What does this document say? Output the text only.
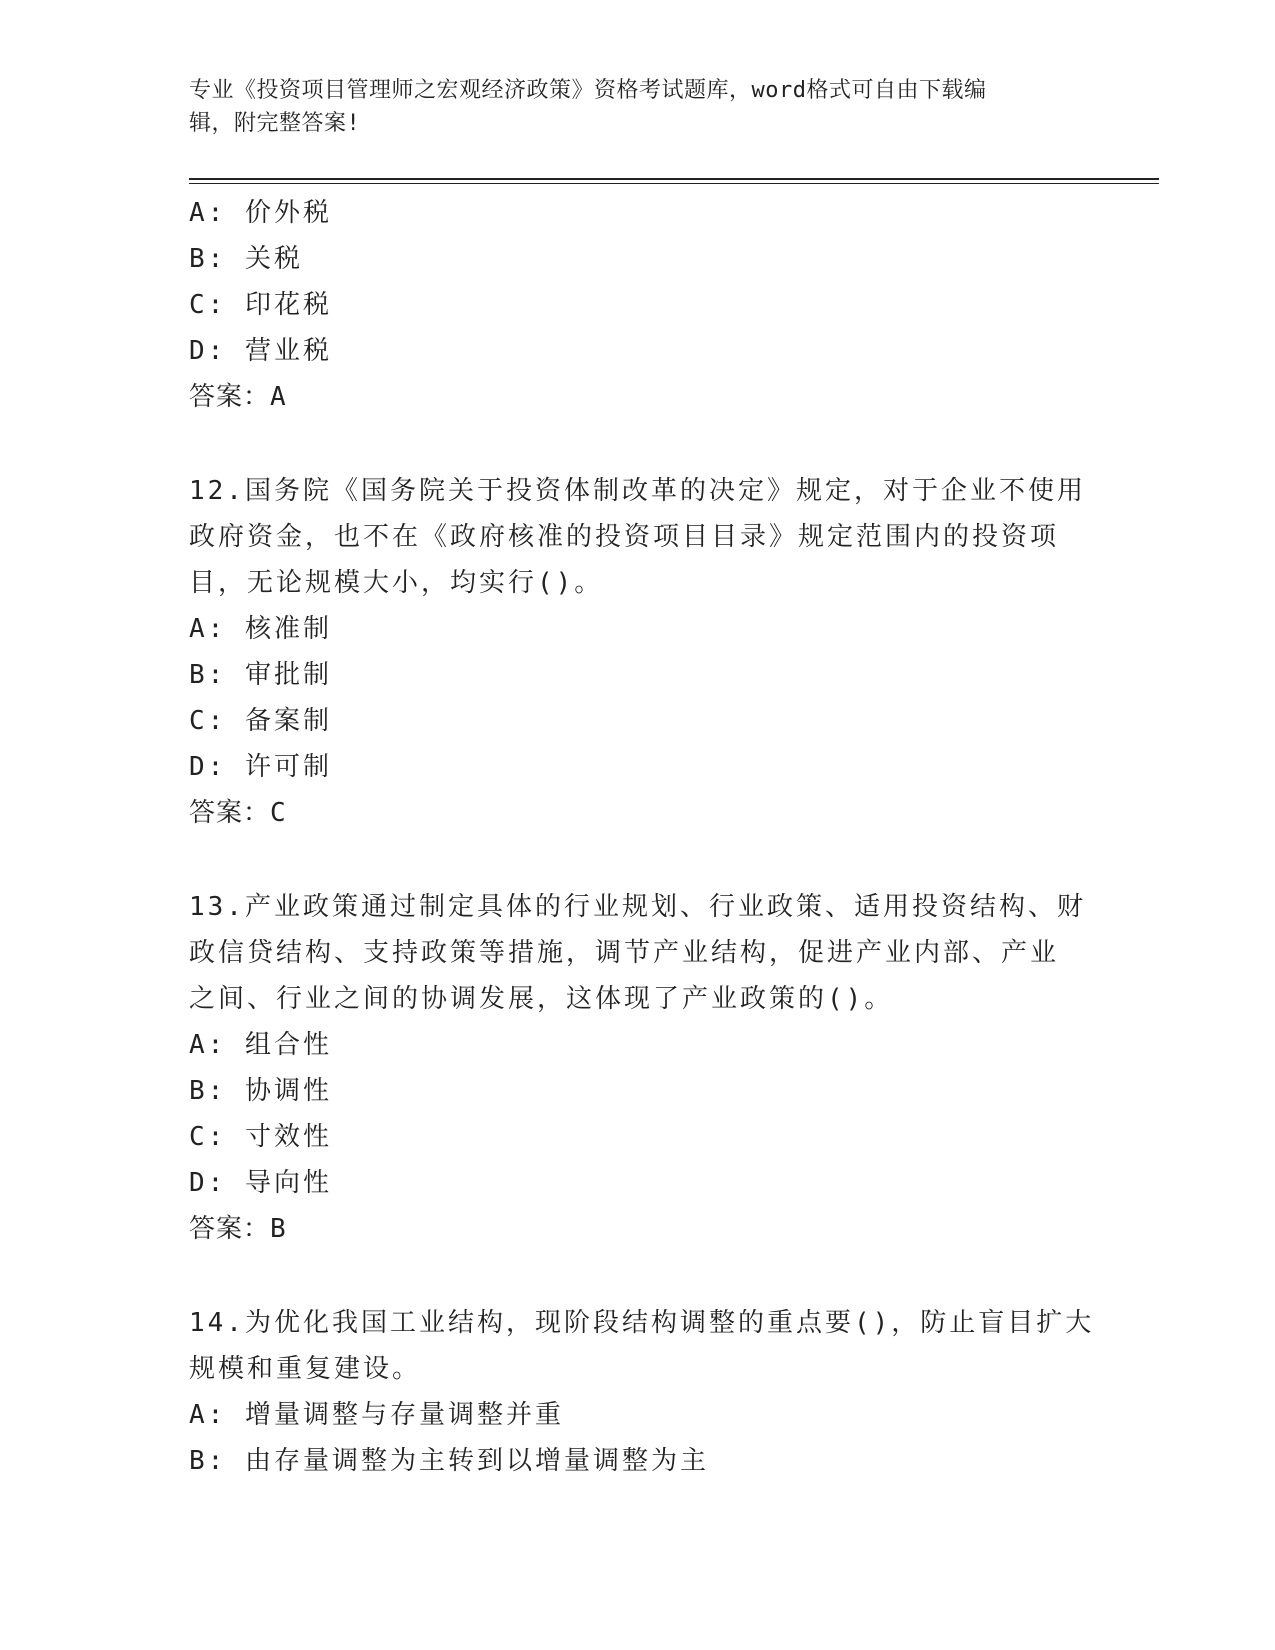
专业《投资项目管理师之宏观经济政策》资格考试题库，word格式可自由下载编
辑，附完整答案!
A: 价外税
B: 关税
C: 印花税
D: 营业税
答案：A
12.国务院《国务院关于投资体制改革的决定》规定，对于企业不使用
政府资金，也不在《政府核准的投资项目目录》规定范围内的投资项
目，无论规模大小，均实行()。
A: 核准制
B: 审批制
C: 备案制
D: 许可制
答案：C
13.产业政策通过制定具体的行业规划、行业政策、适用投资结构、财
政信贷结构、支持政策等措施，调节产业结构，促进产业内部、产业
之间、行业之间的协调发展，这体现了产业政策的()。
A: 组合性
B: 协调性
C: 寸效性
D: 导向性
答案：B
14.为优化我国工业结构，现阶段结构调整的重点要()，防止盲目扩大
规模和重复建设。
A: 增量调整与存量调整并重
B: 由存量调整为主转到以增量调整为主
